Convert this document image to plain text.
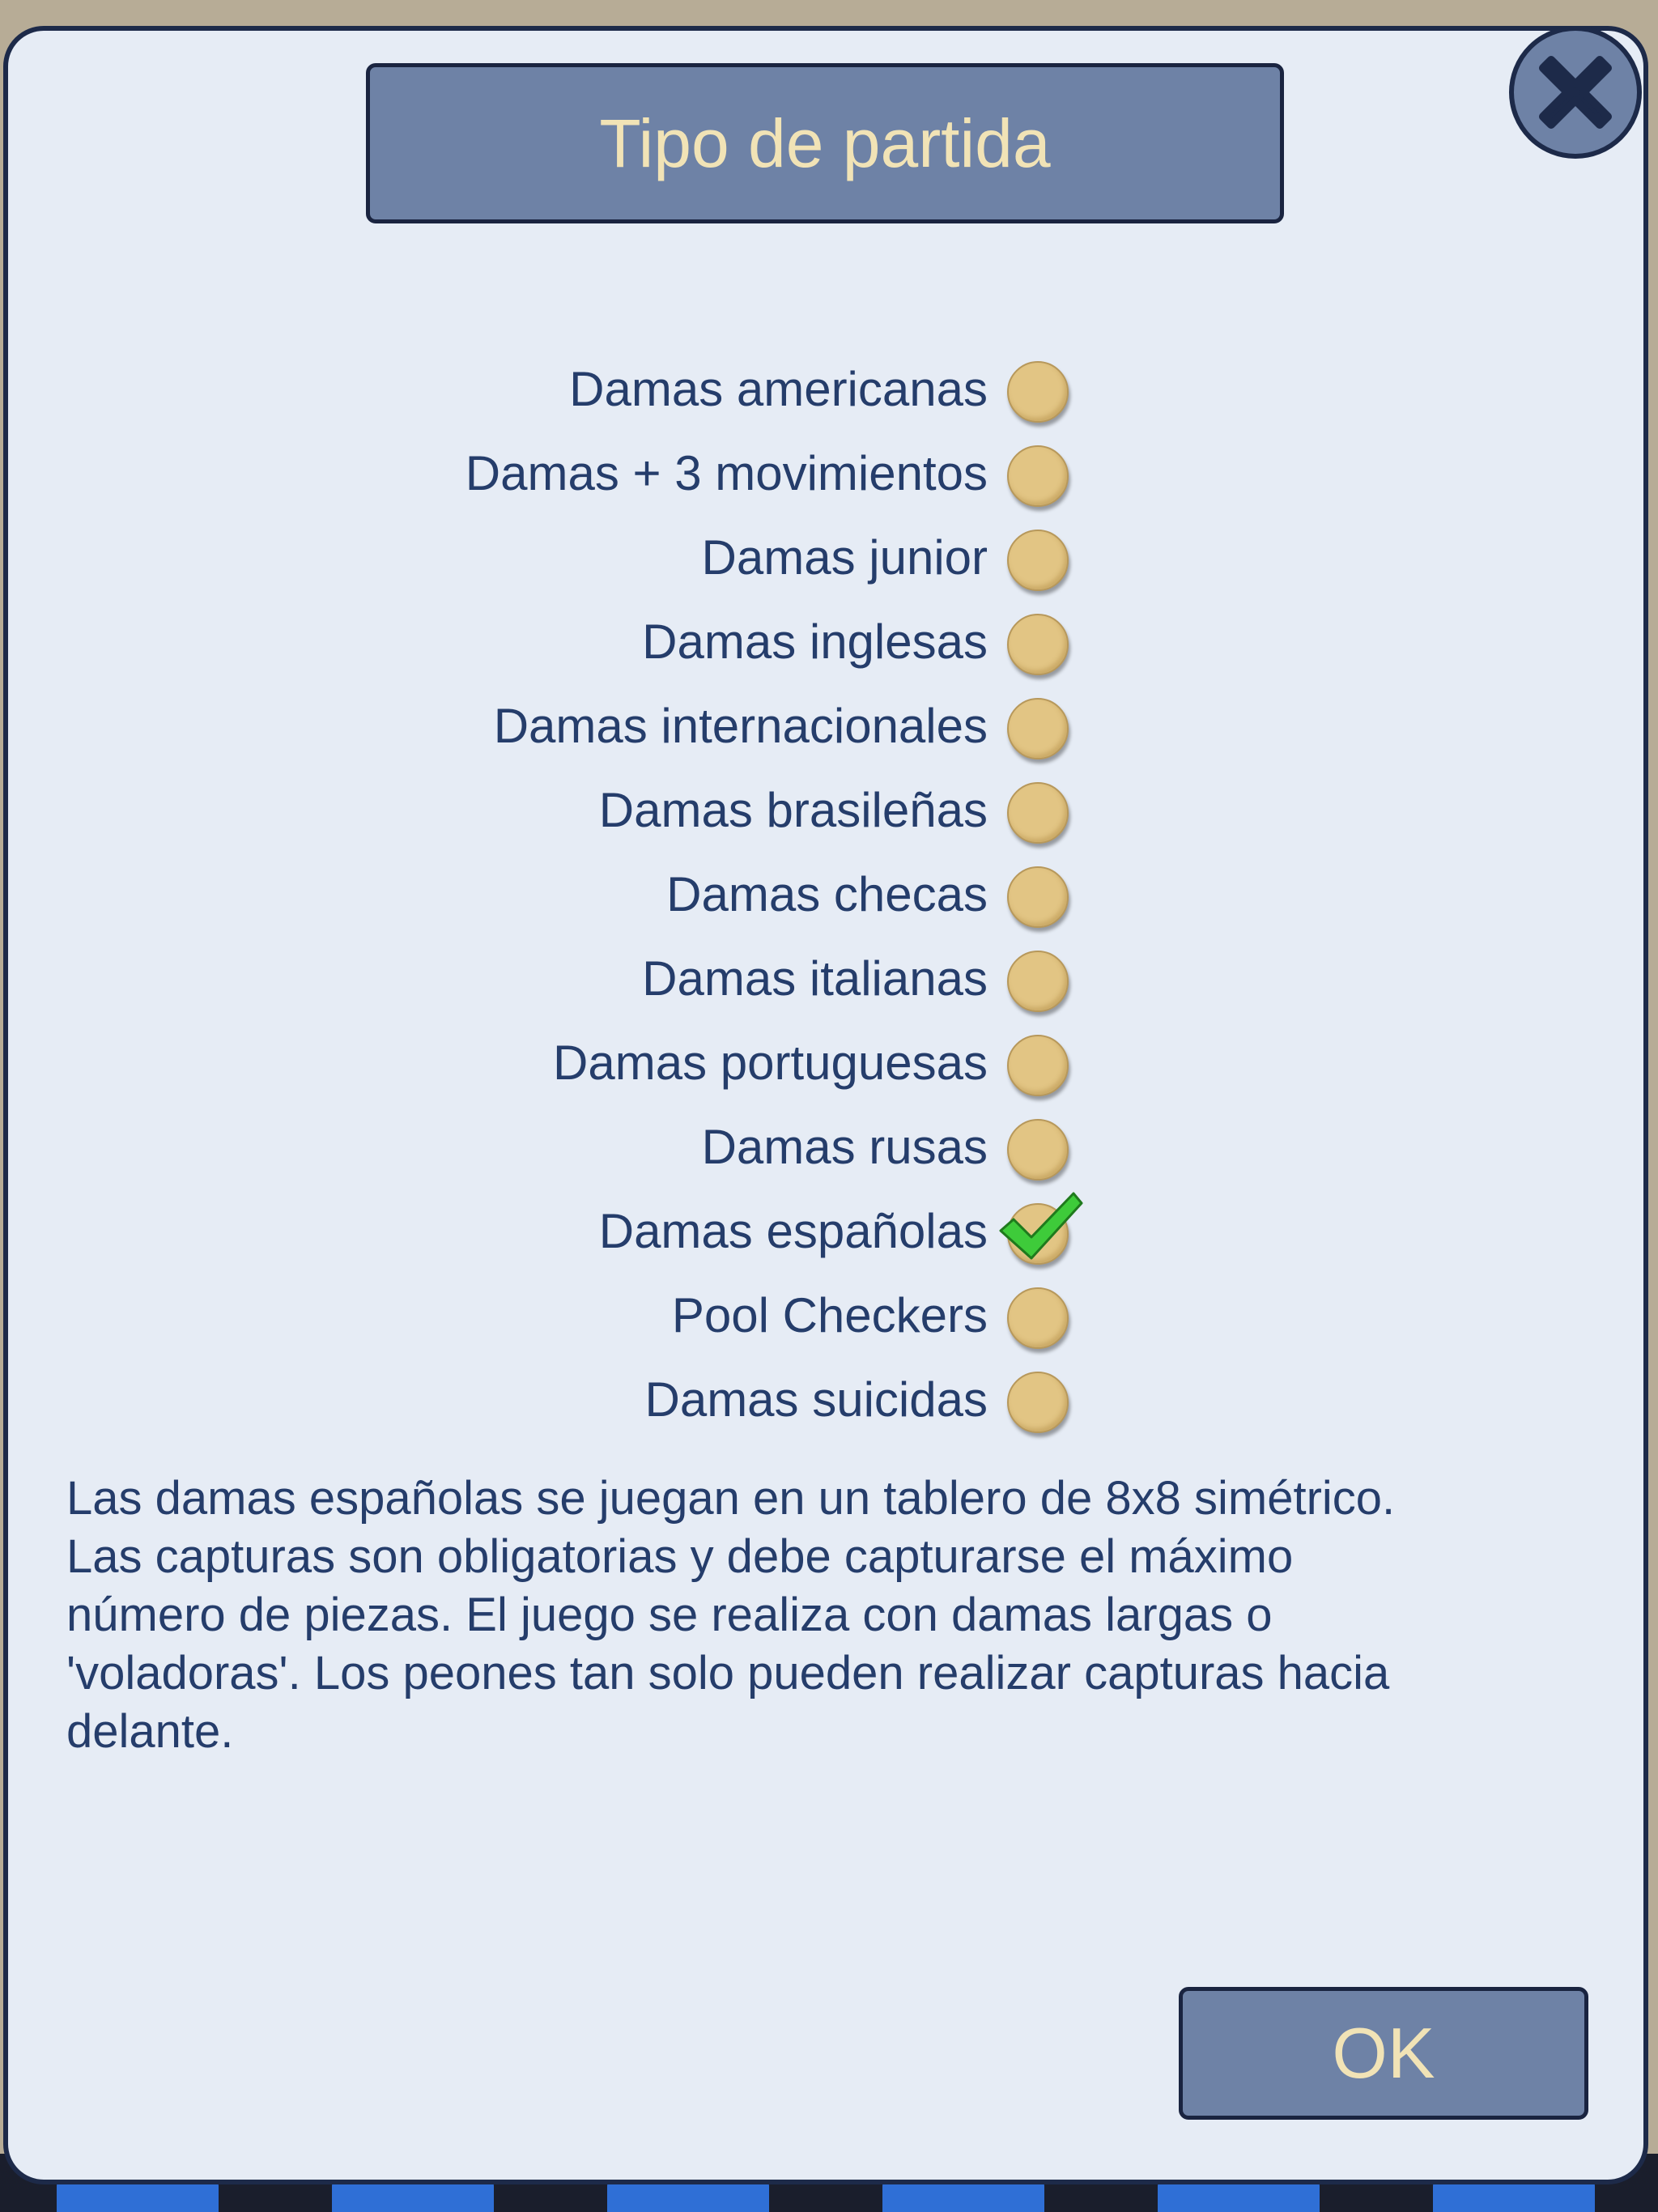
Tipo de partida
Damas americanas
Damas + 3 movimientos
Damas junior
Damas inglesas
Damas internacionales
Damas brasileñas
Damas checas
Damas italianas
Damas portuguesas
Damas rusas
Damas españolas
Pool Checkers
Damas suicidas
Las damas españolas se juegan en un tablero de 8x8 simétrico.
Las capturas son obligatorias y debe capturarse el máximo
número de piezas. El juego se realiza con damas largas o
'voladoras'. Los peones tan solo pueden realizar capturas hacia
delante.
OK
